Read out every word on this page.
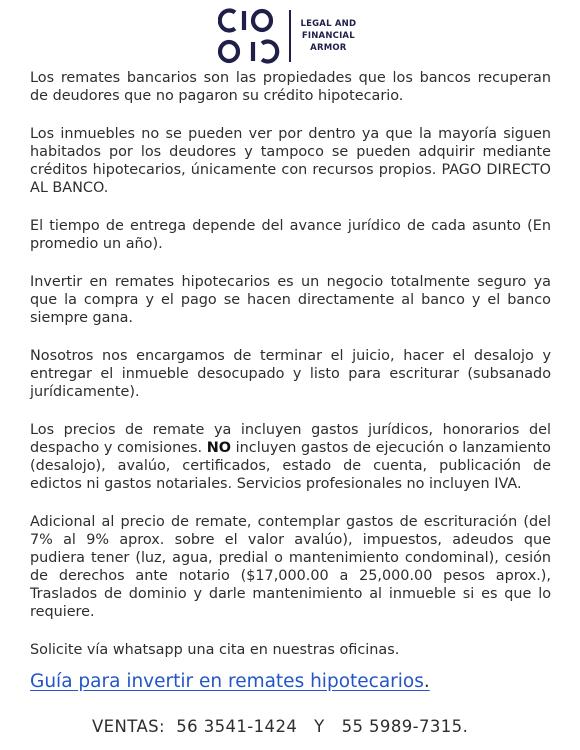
LEGAL AND
FINANCIAL
ARMOR

Los remates bancarios son las propiedades que los bancos recuperan de deudores que no pagaron su crédito hipotecario.

Los inmuebles no se pueden ver por dentro ya que la mayoría siguen habitados por los deudores y tampoco se pueden adquirir mediante créditos hipotecarios, únicamente con recursos propios. PAGO DIRECTO AL BANCO.

El tiempo de entrega depende del avance jurídico de cada asunto (En promedio un año).

Invertir en remates hipotecarios es un negocio totalmente seguro ya que la compra y el pago se hacen directamente al banco y el banco siempre gana.

Nosotros nos encargamos de terminar el juicio, hacer el desalojo y entregar el inmueble desocupado y listo para escriturar (subsanado jurídicamente).

Los precios de remate ya incluyen gastos jurídicos, honorarios del despacho y comisiones. NO incluyen gastos de ejecución o lanzamiento (desalojo), avalúo, certificados, estado de cuenta, publicación de edictos ni gastos notariales. Servicios profesionales no incluyen IVA.

Adicional al precio de remate, contemplar gastos de escrituración (del 7% al 9% aprox. sobre el valor avalúo), impuestos, adeudos que pudiera tener (luz, agua, predial o mantenimiento condominal), cesión de derechos ante notario ($17,000.00 a 25,000.00 pesos aprox.), Traslados de dominio y darle mantenimiento al inmueble si es que lo requiere.

Solicite vía whatsapp una cita en nuestras oficinas.

Guía para invertir en remates hipotecarios.
VENTAS:  56 3541-1424   Y   55 5989-7315.
